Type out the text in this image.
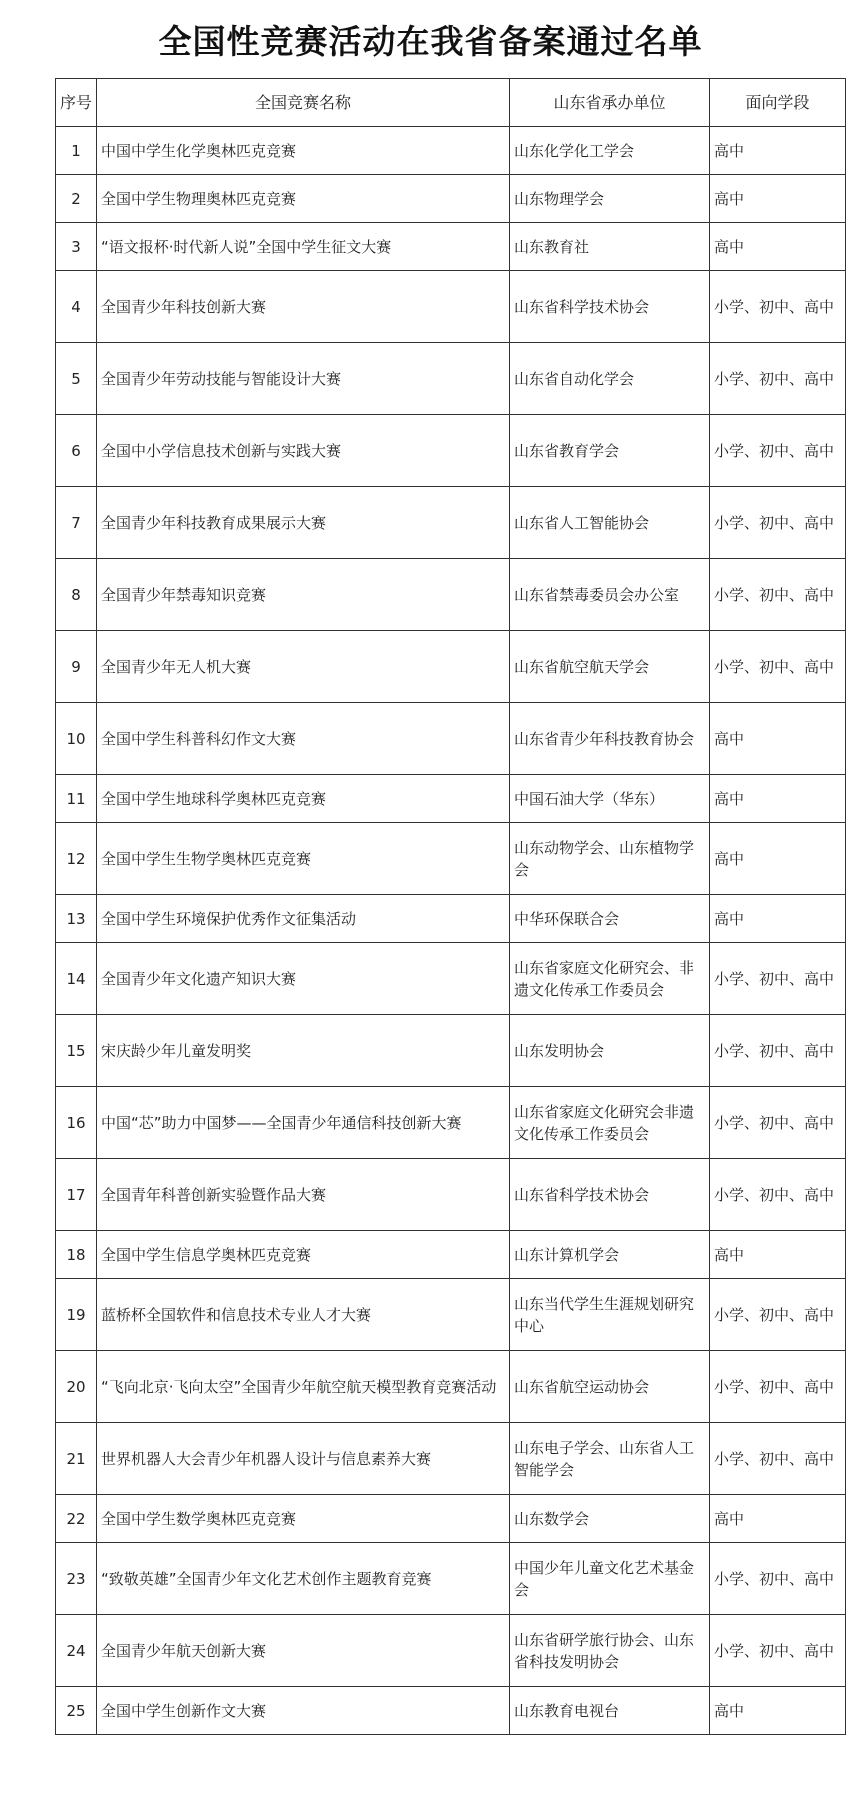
全国性竞赛活动在我省备案通过名单
序号	全国竞赛名称	山东省承办单位	面向学段
1	中国中学生化学奥林匹克竞赛	山东化学化工学会	高中
2	全国中学生物理奥林匹克竞赛	山东物理学会	高中
3	“语文报杯·时代新人说”全国中学生征文大赛	山东教育社	高中
4	全国青少年科技创新大赛	山东省科学技术协会	小学、初中、高中
5	全国青少年劳动技能与智能设计大赛	山东省自动化学会	小学、初中、高中
6	全国中小学信息技术创新与实践大赛	山东省教育学会	小学、初中、高中
7	全国青少年科技教育成果展示大赛	山东省人工智能协会	小学、初中、高中
8	全国青少年禁毒知识竞赛	山东省禁毒委员会办公室	小学、初中、高中
9	全国青少年无人机大赛	山东省航空航天学会	小学、初中、高中
10	全国中学生科普科幻作文大赛	山东省青少年科技教育协会	高中
11	全国中学生地球科学奥林匹克竞赛	中国石油大学（华东）	高中
12	全国中学生生物学奥林匹克竞赛	山东动物学会、山东植物学会	高中
13	全国中学生环境保护优秀作文征集活动	中华环保联合会	高中
14	全国青少年文化遗产知识大赛	山东省家庭文化研究会、非遗文化传承工作委员会	小学、初中、高中
15	宋庆龄少年儿童发明奖	山东发明协会	小学、初中、高中
16	中国“芯”助力中国梦——全国青少年通信科技创新大赛	山东省家庭文化研究会非遗文化传承工作委员会	小学、初中、高中
17	全国青年科普创新实验暨作品大赛	山东省科学技术协会	小学、初中、高中
18	全国中学生信息学奥林匹克竞赛	山东计算机学会	高中
19	蓝桥杯全国软件和信息技术专业人才大赛	山东当代学生生涯规划研究中心	小学、初中、高中
20	“飞向北京·飞向太空”全国青少年航空航天模型教育竞赛活动	山东省航空运动协会	小学、初中、高中
21	世界机器人大会青少年机器人设计与信息素养大赛	山东电子学会、山东省人工智能学会	小学、初中、高中
22	全国中学生数学奥林匹克竞赛	山东数学会	高中
23	“致敬英雄”全国青少年文化艺术创作主题教育竞赛	中国少年儿童文化艺术基金会	小学、初中、高中
24	全国青少年航天创新大赛	山东省研学旅行协会、山东省科技发明协会	小学、初中、高中
25	全国中学生创新作文大赛	山东教育电视台	高中
